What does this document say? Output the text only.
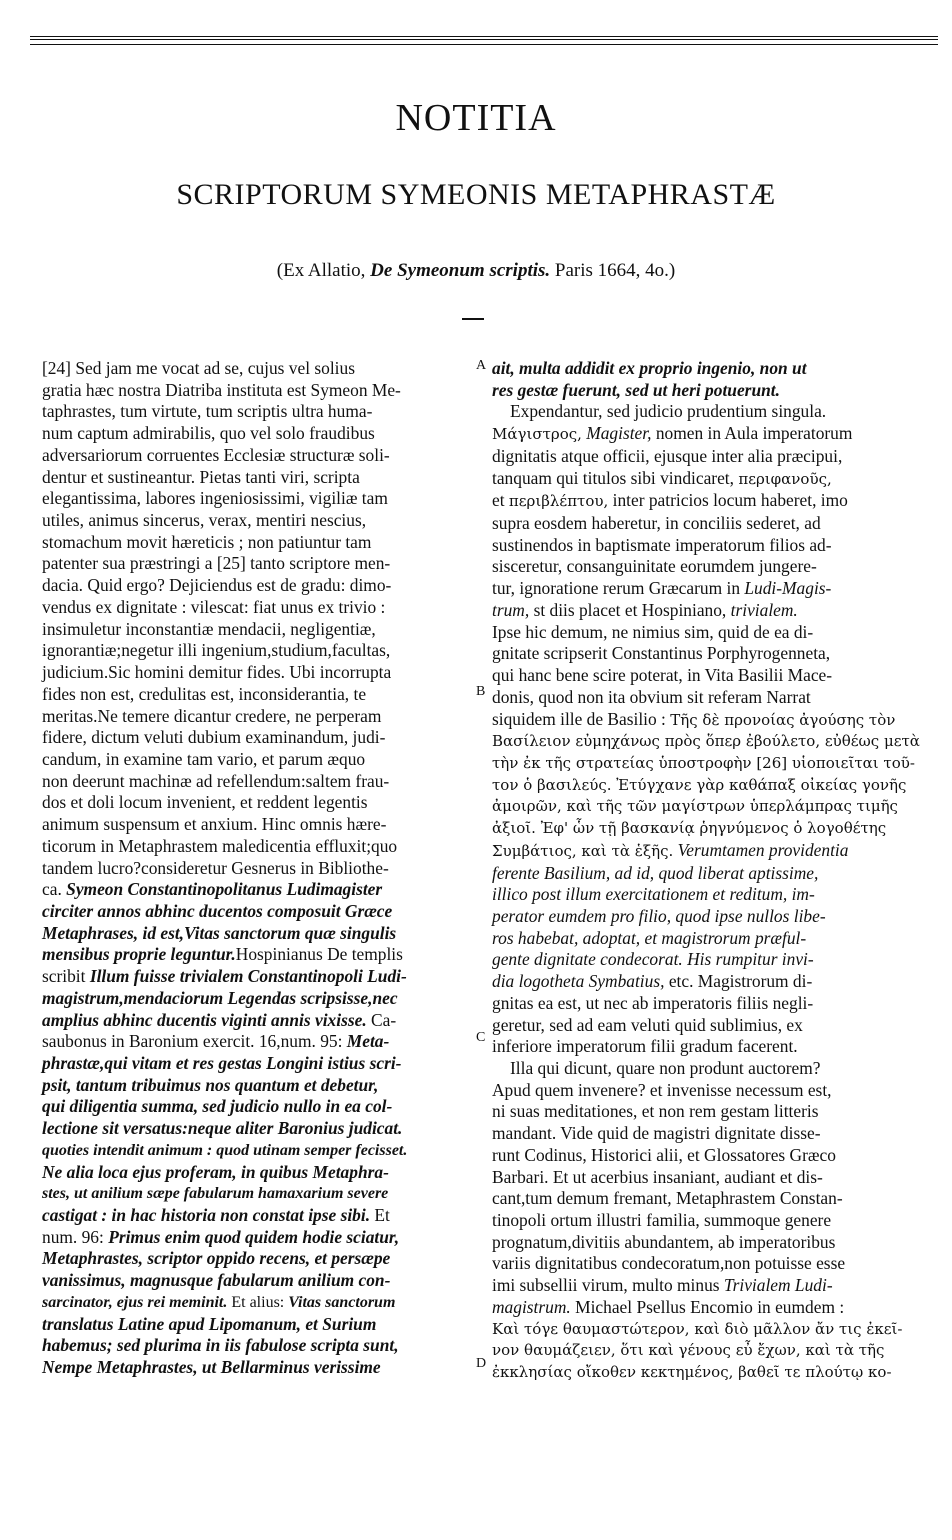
NOTITIA
SCRIPTORUM SYMEONIS METAPHRASTÆ
(Ex Allatio, De Symeonum scriptis. Paris 1664, 4o.)
A
B
C
D

[24] Sed jam me vocat ad se, cujus vel solius

gratia hæc nostra Diatriba instituta est Symeon Me-

taphrastes, tum virtute, tum scriptis ultra huma-

num captum admirabilis, quo vel solo fraudibus

adversariorum corruentes Ecclesiæ structuræ soli-

dentur et sustineantur. Pietas tanti viri, scripta

elegantissima, labores ingeniosissimi, vigiliæ tam

utiles, animus sincerus, verax, mentiri nescius,

stomachum movit hæreticis ; non patiuntur tam

patenter sua præstringi a [25] tanto scriptore men-

dacia. Quid ergo? Dejiciendus est de gradu: dimo-

vendus ex dignitate : vilescat: fiat unus ex trivio :

insimuletur inconstantiæ mendacii, negligentiæ,

ignorantiæ;negetur illi ingenium,studium,facultas,

judicium.Sic homini demitur fides. Ubi incorrupta

fides non est, credulitas est, inconsiderantia, te

meritas.Ne temere dicantur credere, ne perperam

fidere, dictum veluti dubium examinandum, judi-

candum, in examine tam vario, et parum æquo

non deerunt machinæ ad refellendum:saltem frau-

dos et doli locum invenient, et reddent legentis

animum suspensum et anxium. Hinc omnis hære-

ticorum in Metaphrastem maledicentia effluxit;quo

tandem lucro?consideretur Gesnerus in Bibliothe-

ca. Symeon Constantinopolitanus Ludimagister

circiter annos abhinc ducentos composuit Græce

Metaphrases, id est,Vitas sanctorum quæ singulis

mensibus proprie leguntur.Hospinianus De templis

scribit Illum fuisse trivialem Constantinopoli Ludi-

magistrum,mendaciorum Legendas scripsisse,nec

amplius abhinc ducentis viginti annis vixisse. Ca-

saubonus in Baronium exercit. 16,num. 95: Meta-

phrastæ,qui vitam et res gestas Longini istius scri-

psit, tantum tribuimus nos quantum et debetur,

qui diligentia summa, sed judicio nullo in ea col-

lectione sit versatus:neque aliter Baronius judicat.

quoties intendit animum : quod utinam semper fecisset.

Ne alia loca ejus proferam, in quibus Metaphra-

stes, ut anilium sæpe fabularum hamaxarium severe

castigat : in hac historia non constat ipse sibi. Et

num. 96: Primus enim quod quidem hodie sciatur,

Metaphrastes, scriptor oppido recens, et persæpe

vanissimus, magnusque fabularum anilium con-

sarcinator, ejus rei meminit. Et alius: Vitas sanctorum

translatus Latine apud Lipomanum, et Surium

habemus; sed plurima in iis fabulose scripta sunt,

Nempe Metaphrastes, ut Bellarminus verissime

ait, multa addidit ex proprio ingenio, non ut

res gestæ fuerunt, sed ut heri potuerunt.

Expendantur, sed judicio prudentium singula.

Μάγιστρος, Magister, nomen in Aula imperatorum

dignitatis atque officii, ejusque inter alia præcipui,

tanquam qui titulos sibi vindicaret, περιφανοῦς,

et περιβλέπτου, inter patricios locum haberet, imo

supra eosdem haberetur, in conciliis sederet, ad

sustinendos in baptismate imperatorum filios ad-

sisceretur, consanguinitate eorumdem jungere-

tur, ignoratione rerum Græcarum in Ludi-Magis-

trum, st diis placet et Hospiniano, trivialem.

Ipse hic demum, ne nimius sim, quid de ea di-

gnitate scripserit Constantinus Porphyrogennetа,

qui hanc bene scire poterat, in Vita Basilii Mace-

donis, quod non ita obvium sit referam Narrat

siquidem ille de Basilio : Τῆς δὲ προνοίας ἀγούσης τὸν

Βασίλειον εὐμηχάνως πρὸς ὅπερ ἐβούλετο, εὐθέως μετὰ

τὴν ἐκ τῆς στρατείας ὑποστροφὴν [26] υἱοποιεῖται τοῦ-

τον ὁ βασιλεύς. Ἐτύγχανε γὰρ καθάπαξ οἰκείας γονῆς

ἀμοιρῶν, καὶ τῆς τῶν μαγίστρων ὑπερλάμπρας τιμῆς

ἀξιοῖ. Ἐφ' ὧν τῇ βασκανίᾳ ῥηγνύμενος ὁ λογοθέτης

Συμβάτιος, καὶ τὰ ἑξῆς. Verumtamen providentia

ferente Basilium, ad id, quod liberat aptissime,

illico post illum exercitationem et reditum, im-

perator eumdem pro filio, quod ipse nullos libe-

ros habebat, adoptat, et magistrorum præful-

gente dignitate condecorat. His rumpitur invi-

dia logotheta Symbatius, etc. Magistrorum di-

gnitas ea est, ut nec ab imperatoris filiis negli-

geretur, sed ad eam veluti quid sublimius, ex

inferiore imperatorum filii gradum facerent.

Illa qui dicunt, quare non produnt auctorem?

Apud quem invenere? et invenisse necessum est,

ni suas meditationes, et non rem gestam litteris

mandant. Vide quid de magistri dignitate disse-

runt Codinus, Historici alii, et Glossatores Græco

Barbari. Et ut acerbius insaniant, audiant et dis-

cant,tum demum fremant, Metaphrastem Constan-

tinopoli ortum illustri familia, summoque genere

prognatum,divitiis abundantem, ab imperatoribus

variis dignitatibus condecoratum,non potuisse esse

imi subsellii virum, multo minus Trivialem Ludi-

magistrum. Michael Psellus Encomio in eumdem :

Καὶ τόγε θαυμαστώτερον, καὶ διὸ μᾶλλον ἄν τις ἐκεῖ-

νον θαυμάζειεν, ὅτι καὶ γένους εὖ ἔχων, καὶ τὰ τῆς

ἐκκλησίας οἴκοθεν κεκτημένος, βαθεῖ τε πλούτῳ κο-
